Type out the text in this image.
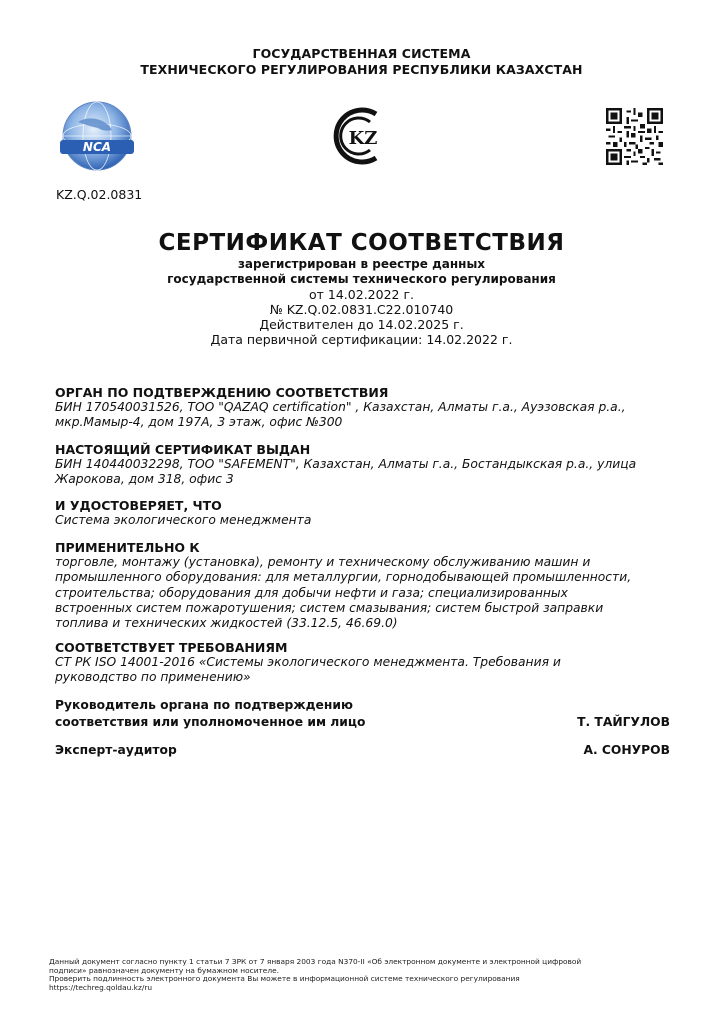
ГОСУДАРСТВЕННАЯ СИСТЕМА
ТЕХНИЧЕСКОГО РЕГУЛИРОВАНИЯ РЕСПУБЛИКИ КАЗАХСТАН
NCA	KZ
KZ.Q.02.0831
СЕРТИФИКАТ СООТВЕТСТВИЯ
зарегистрирован в реестре данных
государственной системы технического регулирования
от 14.02.2022 г.
№ KZ.Q.02.0831.C22.010740
Действителен до 14.02.2025 г.
Дата первичной сертификации: 14.02.2022 г.
ОРГАН ПО ПОДТВЕРЖДЕНИЮ СООТВЕТСТВИЯ
БИН 170540031526, ТОО "QAZAQ certification" , Казахстан, Алматы г.а., Ауэзовская р.а.,
мкр.Мамыр-4, дом 197А, 3 этаж, офис №300
НАСТОЯЩИЙ СЕРТИФИКАТ ВЫДАН
БИН 140440032298, ТОО "SAFEMENT", Казахстан, Алматы г.а., Бостандыкская р.а., улица
Жарокова, дом 318, офис 3
И УДОСТОВЕРЯЕТ, ЧТО
Система экологического менеджмента
ПРИМЕНИТЕЛЬНО К
торговле, монтажу (установка), ремонту и техническому обслуживанию машин и
промышленного оборудования: для металлургии, горнодобывающей промышленности,
строительства; оборудования для добычи нефти и газа; специализированных
встроенных систем пожаротушения; систем смазывания; систем быстрой заправки
топлива и технических жидкостей (33.12.5, 46.69.0)
СООТВЕТСТВУЕТ ТРЕБОВАНИЯМ
СТ РК ISO 14001-2016 «Системы экологического менеджмента. Требования и
руководство по применению»
Руководитель органа по подтверждению
соответствия или уполномоченное им лицо	Т. ТАЙГУЛОВ
Эксперт-аудитор	А. СОНУРОВ
Данный документ согласно пункту 1 статьи 7 ЗРК от 7 января 2003 года N370-II «Об электронном документе и электронной цифровой
подписи» равнозначен документу на бумажном носителе.
Проверить подлинность электронного документа Вы можете в информационной системе технического регулирования
https://techreg.qoldau.kz/ru
